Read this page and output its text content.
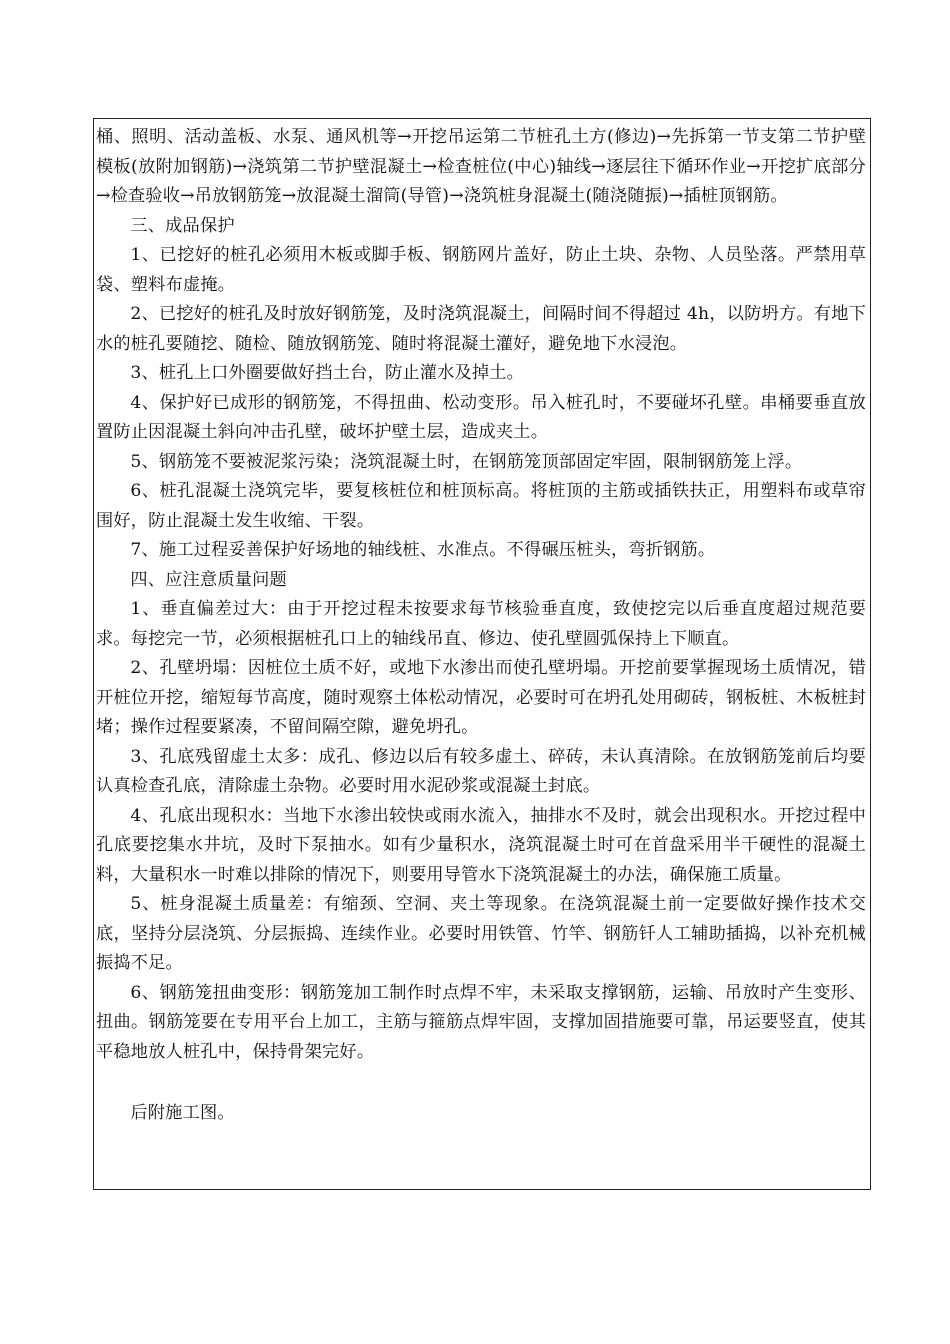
桶、照明、活动盖板、水泵、通风机等→开挖吊运第二节桩孔土方(修边)→先拆第一节支第二节护壁模板(放附加钢筋)→浇筑第二节护壁混凝土→检查桩位(中心)轴线→逐层往下循环作业→开挖扩底部分→检查验收→吊放钢筋笼→放混凝土溜筒(导管)→浇筑桩身混凝土(随浇随振)→插桩顶钢筋。

三、成品保护

1、已挖好的桩孔必须用木板或脚手板、钢筋网片盖好，防止土块、杂物、人员坠落。严禁用草袋、塑料布虚掩。

2、已挖好的桩孔及时放好钢筋笼，及时浇筑混凝土，间隔时间不得超过 4h，以防坍方。有地下水的桩孔要随挖、随检、随放钢筋笼、随时将混凝土灌好，避免地下水浸泡。

3、桩孔上口外圈要做好挡土台，防止灌水及掉土。

4、保护好已成形的钢筋笼，不得扭曲、松动变形。吊入桩孔时，不要碰坏孔壁。串桶要垂直放置防止因混凝土斜向冲击孔壁，破坏护壁土层，造成夹土。

5、钢筋笼不要被泥浆污染；浇筑混凝土时，在钢筋笼顶部固定牢固，限制钢筋笼上浮。

6、桩孔混凝土浇筑完毕，要复核桩位和桩顶标高。将桩顶的主筋或插铁扶正，用塑料布或草帘围好，防止混凝土发生收缩、干裂。

7、施工过程妥善保护好场地的轴线桩、水准点。不得碾压桩头，弯折钢筋。

四、应注意质量问题

1、垂直偏差过大：由于开挖过程未按要求每节核验垂直度，致使挖完以后垂直度超过规范要求。每挖完一节，必须根据桩孔口上的轴线吊直、修边、使孔壁圆弧保持上下顺直。

2、孔壁坍塌：因桩位土质不好，或地下水渗出而使孔壁坍塌。开挖前要掌握现场土质情况，错开桩位开挖，缩短每节高度，随时观察土体松动情况，必要时可在坍孔处用砌砖，钢板桩、木板桩封堵；操作过程要紧凑，不留间隔空隙，避免坍孔。

3、孔底残留虚土太多：成孔、修边以后有较多虚土、碎砖，未认真清除。在放钢筋笼前后均要认真检查孔底，清除虚土杂物。必要时用水泥砂浆或混凝土封底。

4、孔底出现积水：当地下水渗出较快或雨水流入，抽排水不及时，就会出现积水。开挖过程中孔底要挖集水井坑，及时下泵抽水。如有少量积水，浇筑混凝土时可在首盘采用半干硬性的混凝土料，大量积水一时难以排除的情况下，则要用导管水下浇筑混凝土的办法，确保施工质量。

5、桩身混凝土质量差：有缩颈、空洞、夹土等现象。在浇筑混凝土前一定要做好操作技术交底，坚持分层浇筑、分层振捣、连续作业。必要时用铁管、竹竿、钢筋钎人工辅助插捣，以补充机械振捣不足。

6、钢筋笼扭曲变形：钢筋笼加工制作时点焊不牢，未采取支撑钢筋，运输、吊放时产生变形、扭曲。钢筋笼要在专用平台上加工，主筋与箍筋点焊牢固，支撑加固措施要可靠，吊运要竖直，使其平稳地放人桩孔中，保持骨架完好。

后附施工图。
